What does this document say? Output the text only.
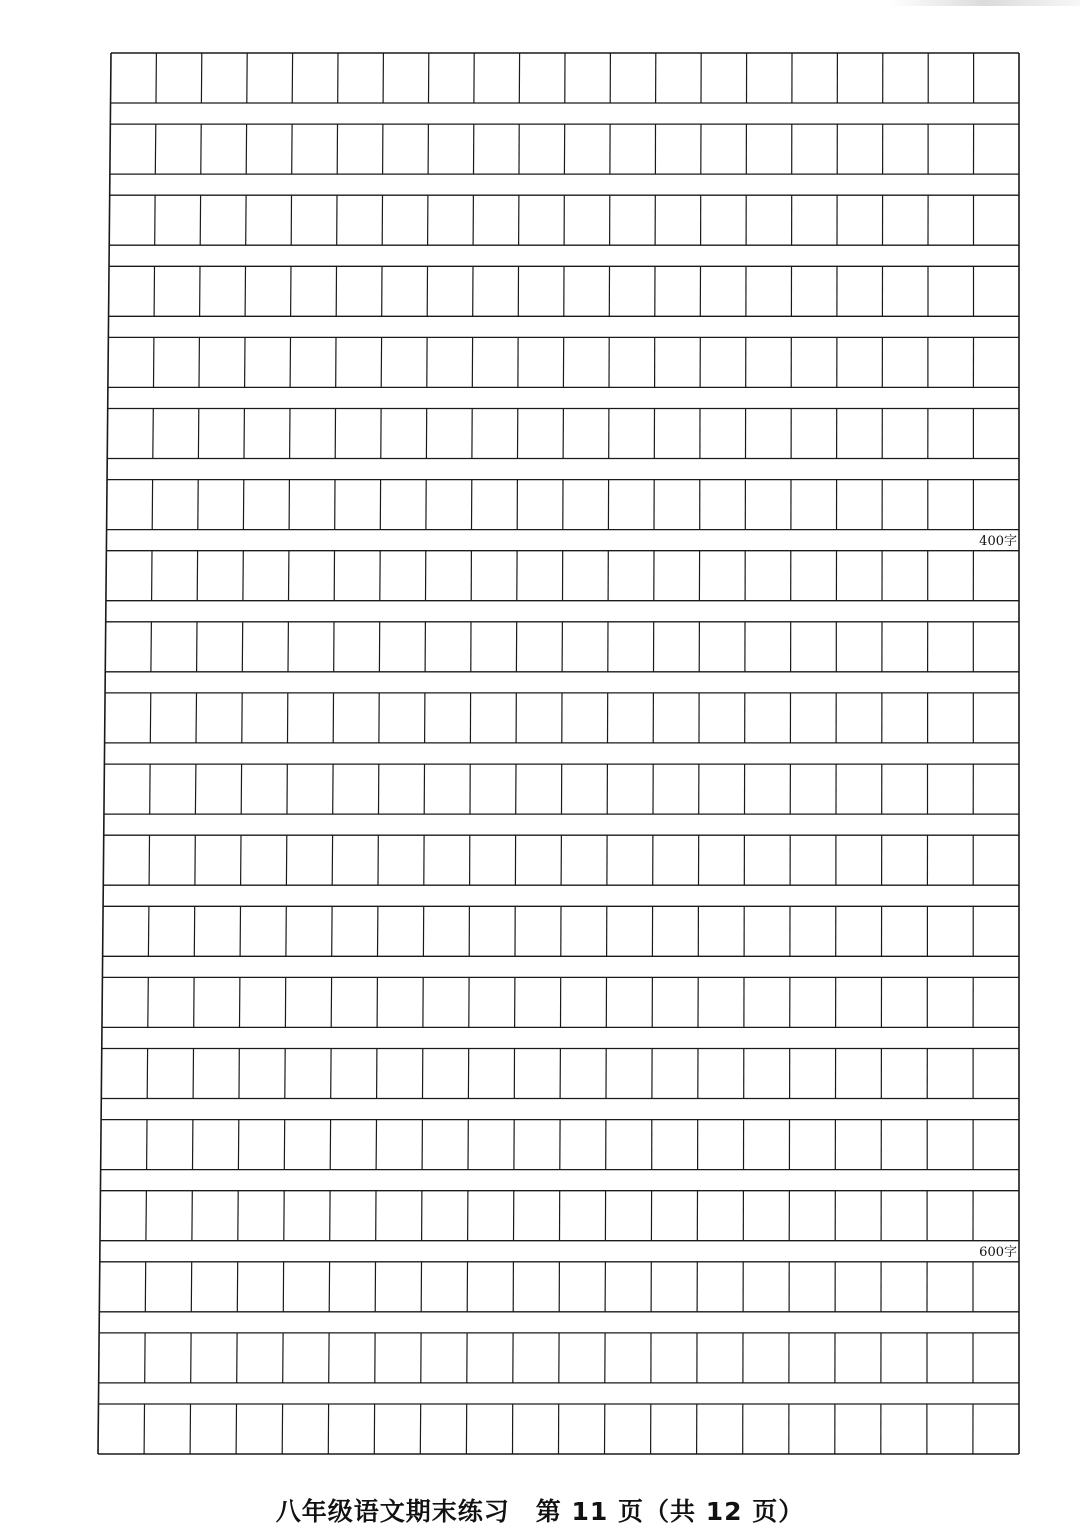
400字
600字
八年级语文期末练习　第 11 页（共 12 页）
